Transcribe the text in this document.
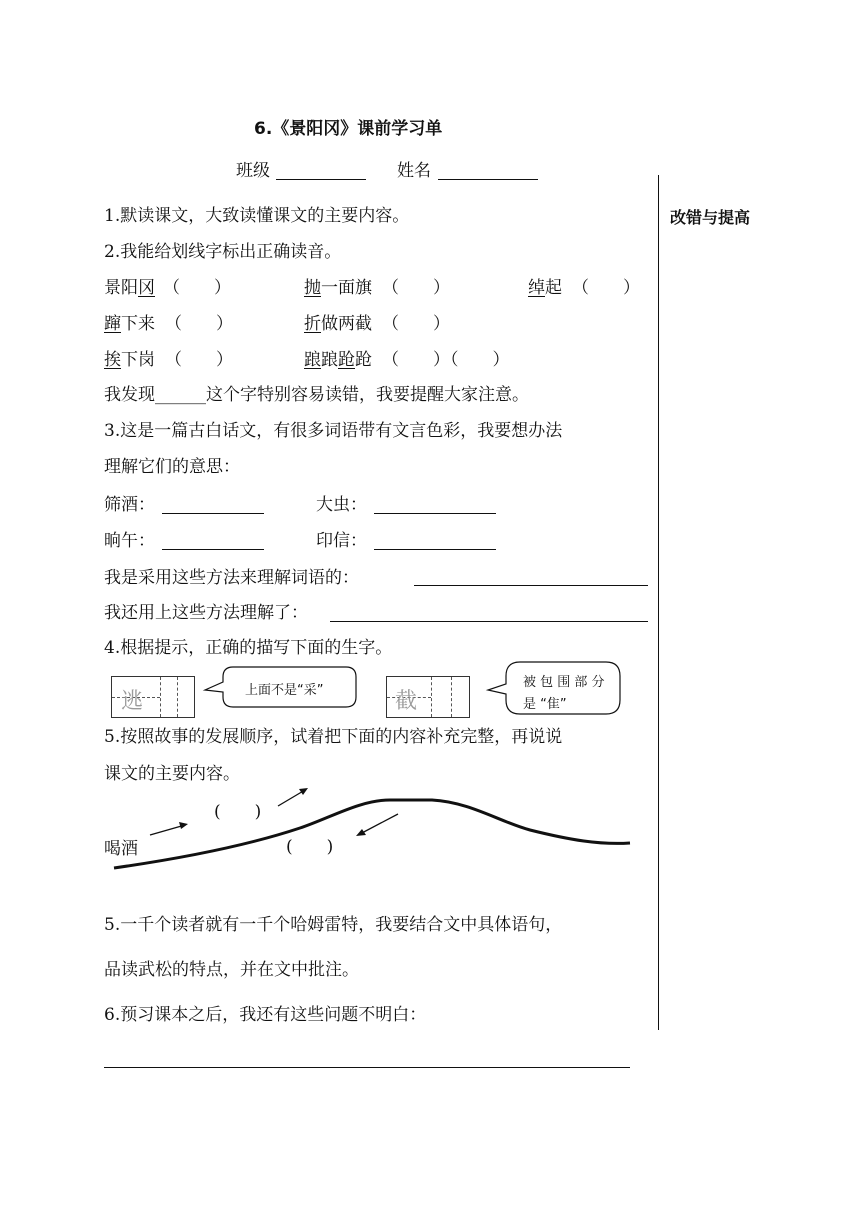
6.《景阳冈》课前学习单
班级	姓名
改错与提高
1.默读课文，大致读懂课文的主要内容。
2.我能给划线字标出正确读音。
景阳冈 （　　）	抛一面旗 （　　）	绰起 （　　）
蹿下来 （　　）	折做两截 （　　）
挨下岗 （　　）	踉踉跄跄 （　　）（　　）
我发现______这个字特别容易读错，我要提醒大家注意。
3.这是一篇古白话文，有很多词语带有文言色彩，我要想办法
理解它们的意思：
筛酒：	大虫：
晌午：	印信：
我是采用这些方法来理解词语的：
我还用上这些方法理解了：
4.根据提示，正确的描写下面的生字。
逃	截
上面不是“采”
被 包 围 部 分
是 “隹”
5.按照故事的发展顺序，试着把下面的内容补充完整，再说说
课文的主要内容。
(　　)
喝酒	(　　)
5.一千个读者就有一千个哈姆雷特，我要结合文中具体语句，
品读武松的特点，并在文中批注。
6.预习课本之后，我还有这些问题不明白：
